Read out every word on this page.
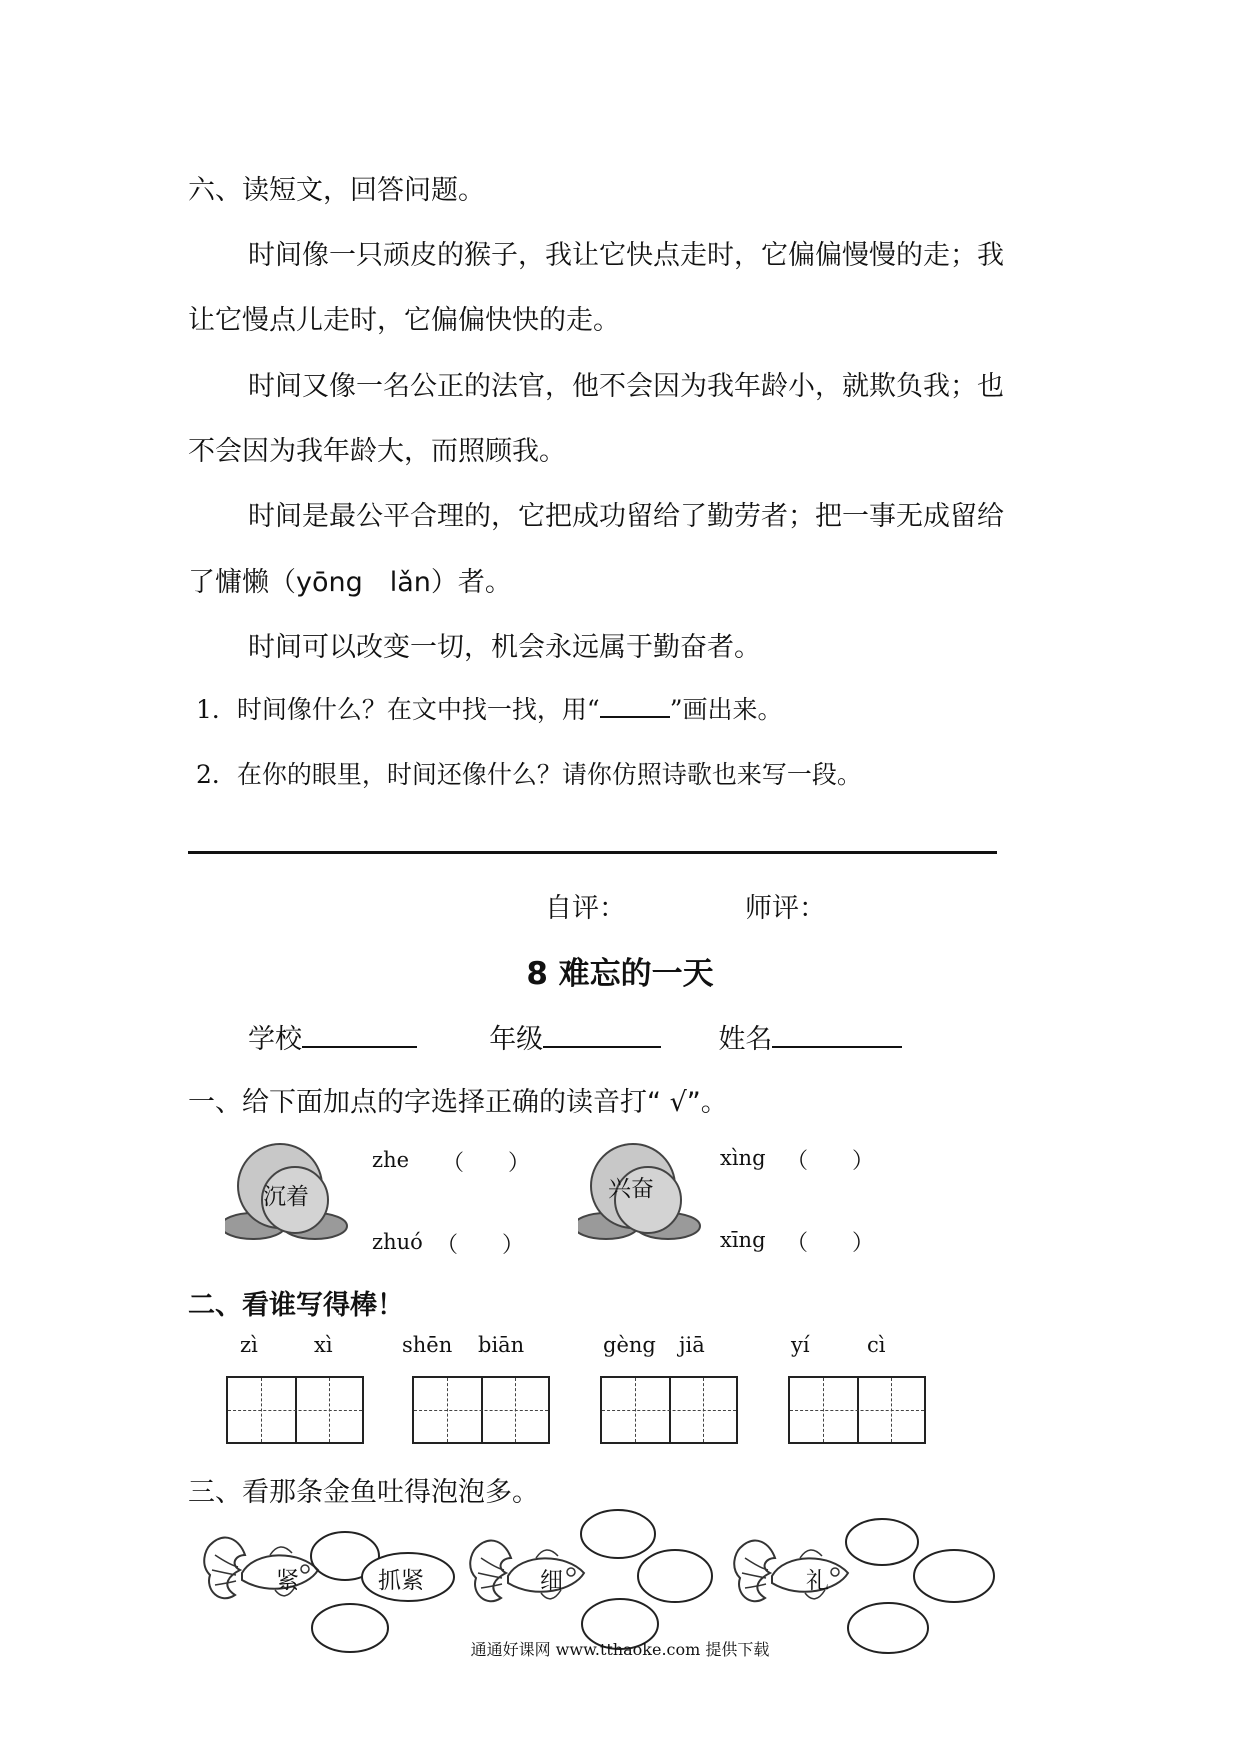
六、读短文，回答问题。
时间像一只顽皮的猴子，我让它快点走时，它偏偏慢慢的走；我
让它慢点儿走时，它偏偏快快的走。
时间又像一名公正的法官，他不会因为我年龄小，就欺负我；也
不会因为我年龄大，而照顾我。
时间是最公平合理的，它把成功留给了勤劳者；把一事无成留给
了慵懒（yōng　lǎn）者。
时间可以改变一切，机会永远属于勤奋者。
1．时间像什么？在文中找一找，用“	”画出来。
2．在你的眼里，时间还像什么？请你仿照诗歌也来写一段。
自评：	师评：
8 难忘的一天
学校	年级	姓名
一、给下面加点的字选择正确的读音打“ √”。
沉着
zhe （　　）
zhuó （　　）
兴奋
xìng （　　）
xīng （　　）
二、看谁写得棒！
zì	xì	shēn biān	gèng jiā	yí	cì
三、看那条金鱼吐得泡泡多。
紧	抓紧	细	礼
通通好课网 www.tthaoke.com 提供下载
